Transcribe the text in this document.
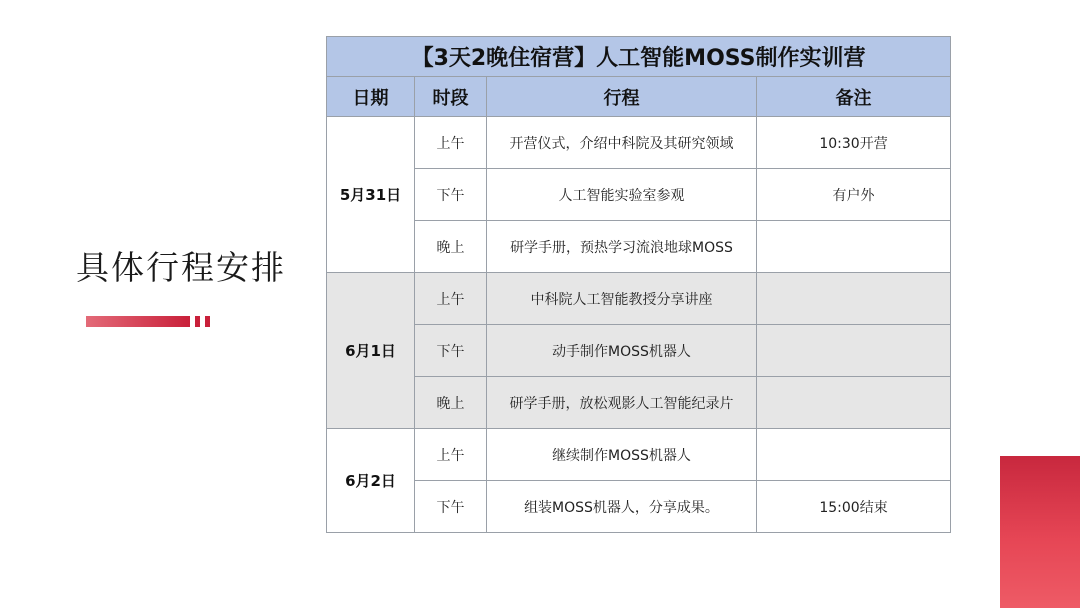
具体行程安排
【3天2晚住宿营】人工智能MOSS制作实训营			
日期	时段	行程	备注
5月31日	上午	开营仪式，介绍中科院及其研究领域	10:30开营
	下午	人工智能实验室参观	有户外
	晚上	研学手册，预热学习流浪地球MOSS	
6月1日	上午	中科院人工智能教授分享讲座	
	下午	动手制作MOSS机器人	
	晚上	研学手册，放松观影人工智能纪录片	
6月2日	上午	继续制作MOSS机器人	
	下午	组装MOSS机器人，分享成果。	15:00结束
